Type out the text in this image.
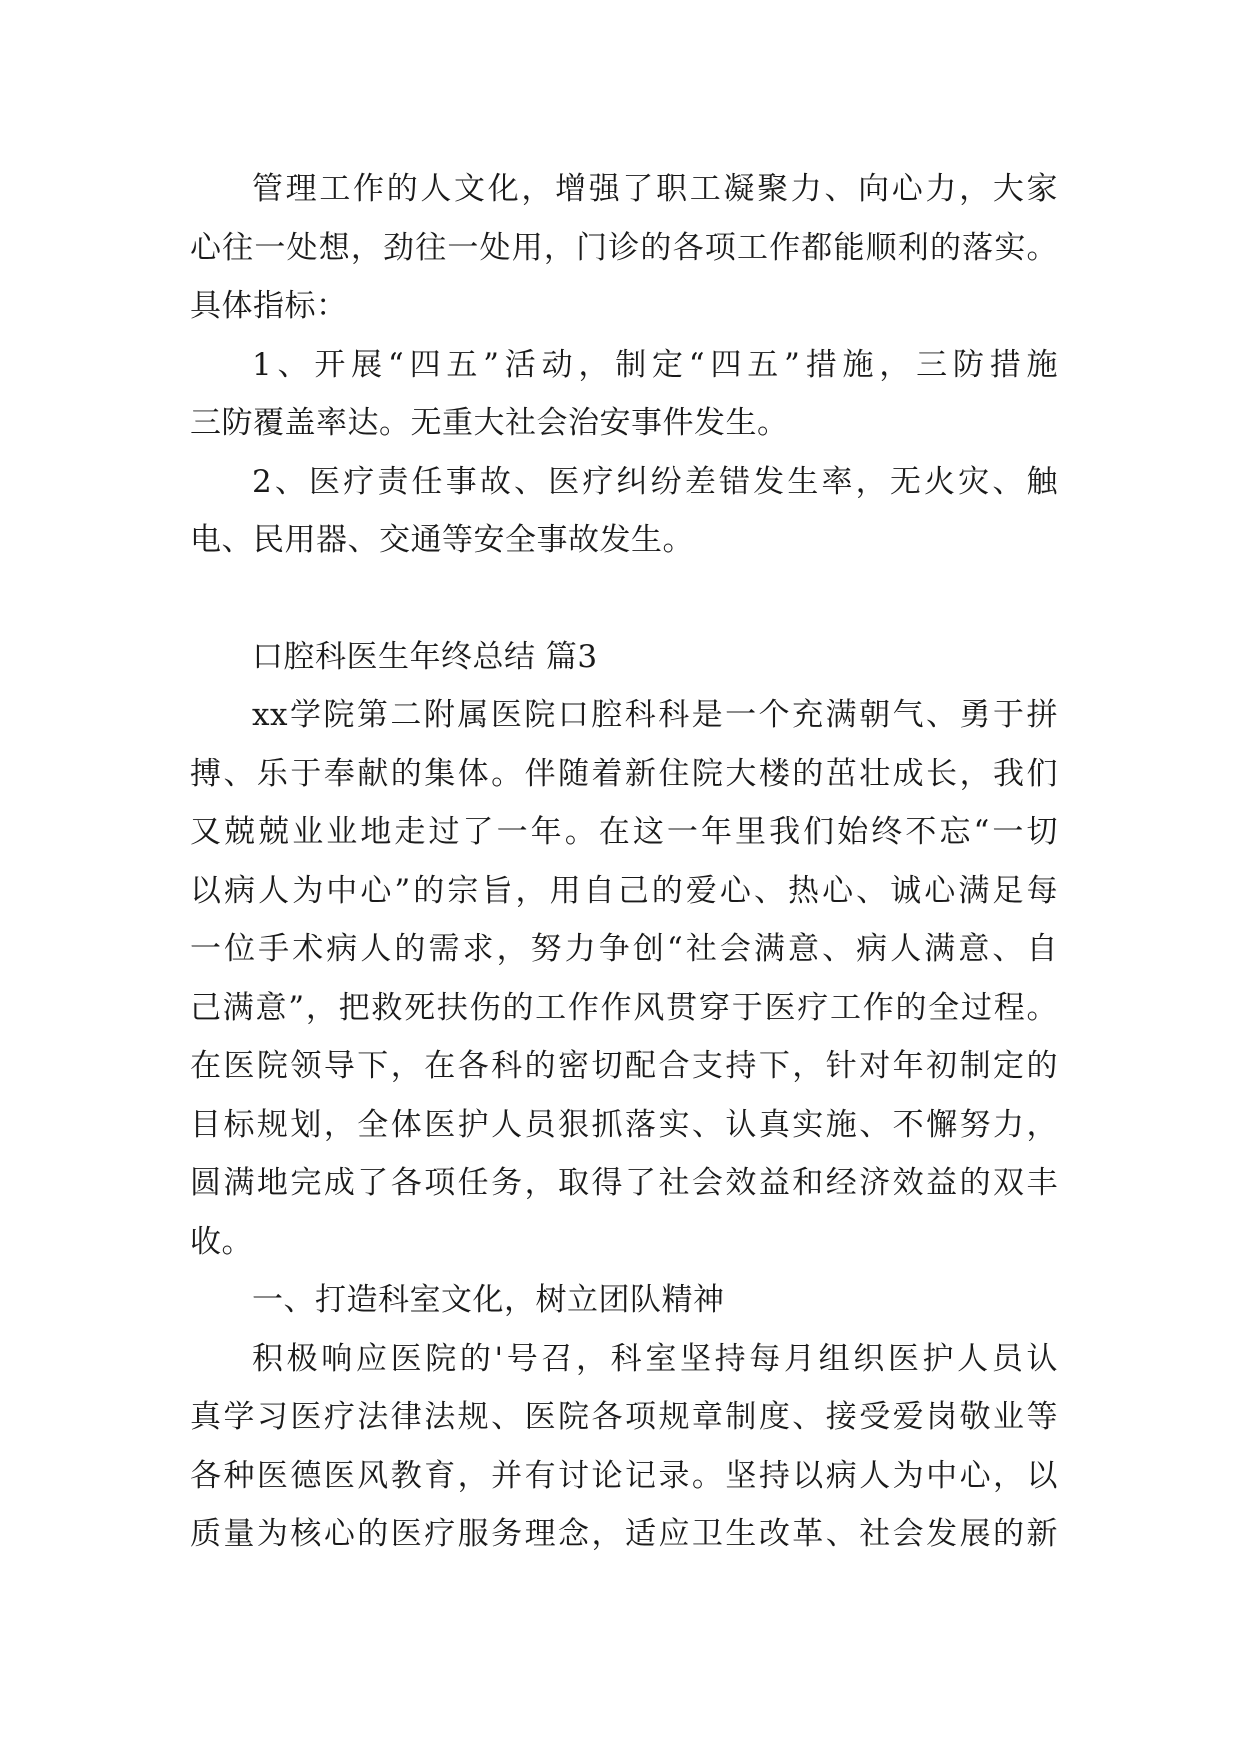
管理工作的人文化，增强了职工凝聚力、向心力，大家
心往一处想，劲往一处用，门诊的各项工作都能顺利的落实。
具体指标：

1、开展“四五”活动，制定“四五”措施，三防措施
三防覆盖率达。无重大社会治安事件发生。

2、医疗责任事故、医疗纠纷差错发生率，无火灾、触
电、民用器、交通等安全事故发生。

口腔科医生年终总结 篇3

xx学院第二附属医院口腔科科是一个充满朝气、勇于拼
搏、乐于奉献的集体。伴随着新住院大楼的茁壮成长，我们
又兢兢业业地走过了一年。在这一年里我们始终不忘“一切
以病人为中心”的宗旨，用自己的爱心、热心、诚心满足每
一位手术病人的需求，努力争创“社会满意、病人满意、自
己满意”，把救死扶伤的工作作风贯穿于医疗工作的全过程。
在医院领导下，在各科的密切配合支持下，针对年初制定的
目标规划，全体医护人员狠抓落实、认真实施、不懈努力，
圆满地完成了各项任务，取得了社会效益和经济效益的双丰
收。

一、打造科室文化，树立团队精神

积极响应医院的'号召，科室坚持每月组织医护人员认
真学习医疗法律法规、医院各项规章制度、接受爱岗敬业等
各种医德医风教育，并有讨论记录。坚持以病人为中心，以
质量为核心的医疗服务理念，适应卫生改革、社会发展的新
